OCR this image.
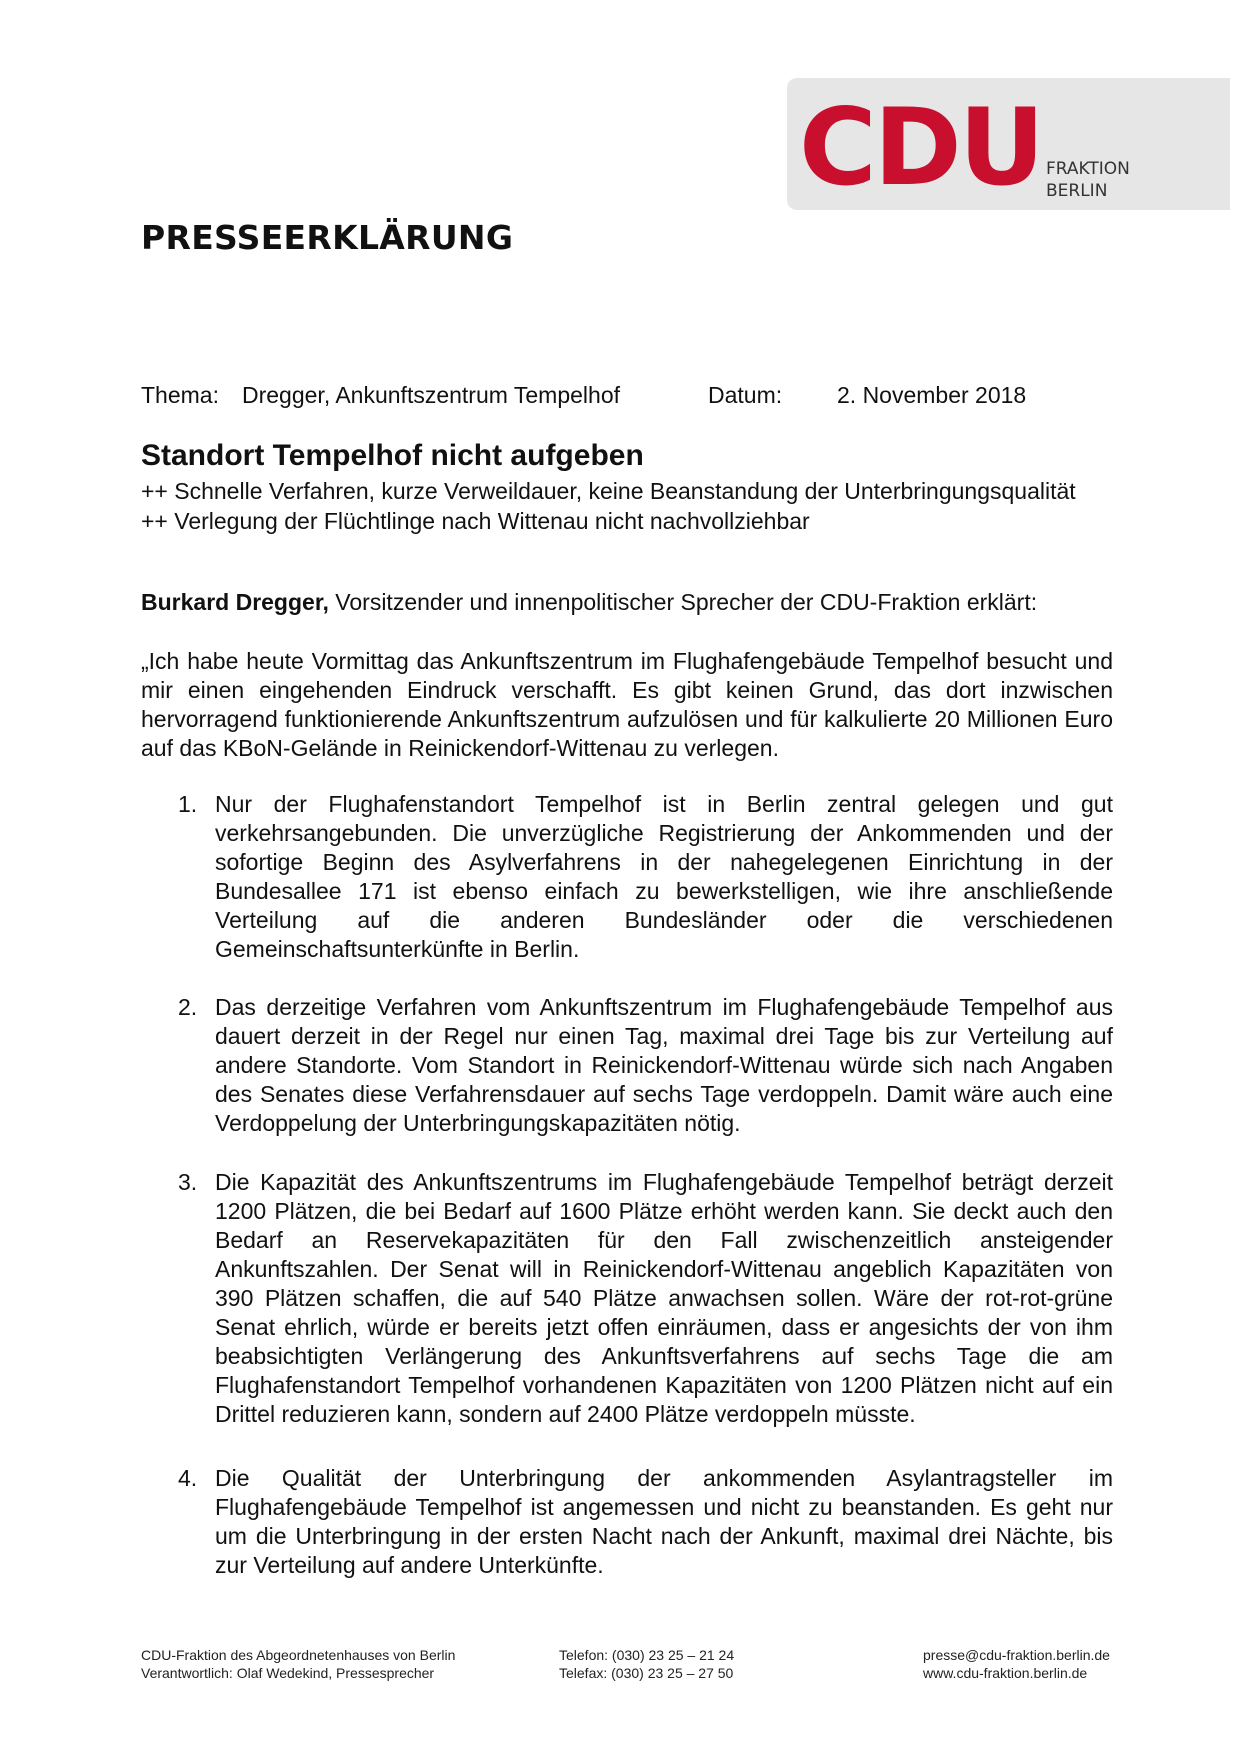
CDU FRAKTION
BERLIN
PRESSEERKLÄRUNG
Thema: Dregger, Ankunftszentrum Tempelhof	Datum: 2. November 2018
Standort Tempelhof nicht aufgeben
++ Schnelle Verfahren, kurze Verweildauer, keine Beanstandung der Unterbringungsqualität
++ Verlegung der Flüchtlinge nach Wittenau nicht nachvollziehbar
Burkard Dregger, Vorsitzender und innenpolitischer Sprecher der CDU-Fraktion erklärt:
„Ich habe heute Vormittag das Ankunftszentrum im Flughafengebäude Tempelhof besucht und mir einen eingehenden Eindruck verschafft. Es gibt keinen Grund, das dort inzwischen hervorragend funktionierende Ankunftszentrum aufzulösen und für kalkulierte 20 Millionen Euro auf das KBoN-Gelände in Reinickendorf-Wittenau zu verlegen.
1. Nur der Flughafenstandort Tempelhof ist in Berlin zentral gelegen und gut verkehrsangebunden. Die unverzügliche Registrierung der Ankommenden und der sofortige Beginn des Asylverfahrens in der nahegelegenen Einrichtung in der Bundesallee 171 ist ebenso einfach zu bewerkstelligen, wie ihre anschließende Verteilung auf die anderen Bundesländer oder die verschiedenen Gemeinschaftsunterkünfte in Berlin.
2. Das derzeitige Verfahren vom Ankunftszentrum im Flughafengebäude Tempelhof aus dauert derzeit in der Regel nur einen Tag, maximal drei Tage bis zur Verteilung auf andere Standorte. Vom Standort in Reinickendorf-Wittenau würde sich nach Angaben des Senates diese Verfahrensdauer auf sechs Tage verdoppeln. Damit wäre auch eine Verdoppelung der Unterbringungskapazitäten nötig.
3. Die Kapazität des Ankunftszentrums im Flughafengebäude Tempelhof beträgt derzeit 1200 Plätzen, die bei Bedarf auf 1600 Plätze erhöht werden kann. Sie deckt auch den Bedarf an Reservekapazitäten für den Fall zwischenzeitlich ansteigender Ankunftszahlen. Der Senat will in Reinickendorf-Wittenau angeblich Kapazitäten von 390 Plätzen schaffen, die auf 540 Plätze anwachsen sollen. Wäre der rot-rot-grüne Senat ehrlich, würde er bereits jetzt offen einräumen, dass er angesichts der von ihm beabsichtigten Verlängerung des Ankunftsverfahrens auf sechs Tage die am Flughafenstandort Tempelhof vorhandenen Kapazitäten von 1200 Plätzen nicht auf ein Drittel reduzieren kann, sondern auf 2400 Plätze verdoppeln müsste.
4. Die Qualität der Unterbringung der ankommenden Asylantragsteller im Flughafengebäude Tempelhof ist angemessen und nicht zu beanstanden. Es geht nur um die Unterbringung in der ersten Nacht nach der Ankunft, maximal drei Nächte, bis zur Verteilung auf andere Unterkünfte.
CDU-Fraktion des Abgeordnetenhauses von Berlin
Verantwortlich: Olaf Wedekind, Pressesprecher
Telefon: (030) 23 25 – 21 24
Telefax: (030) 23 25 – 27 50
presse@cdu-fraktion.berlin.de
www.cdu-fraktion.berlin.de
